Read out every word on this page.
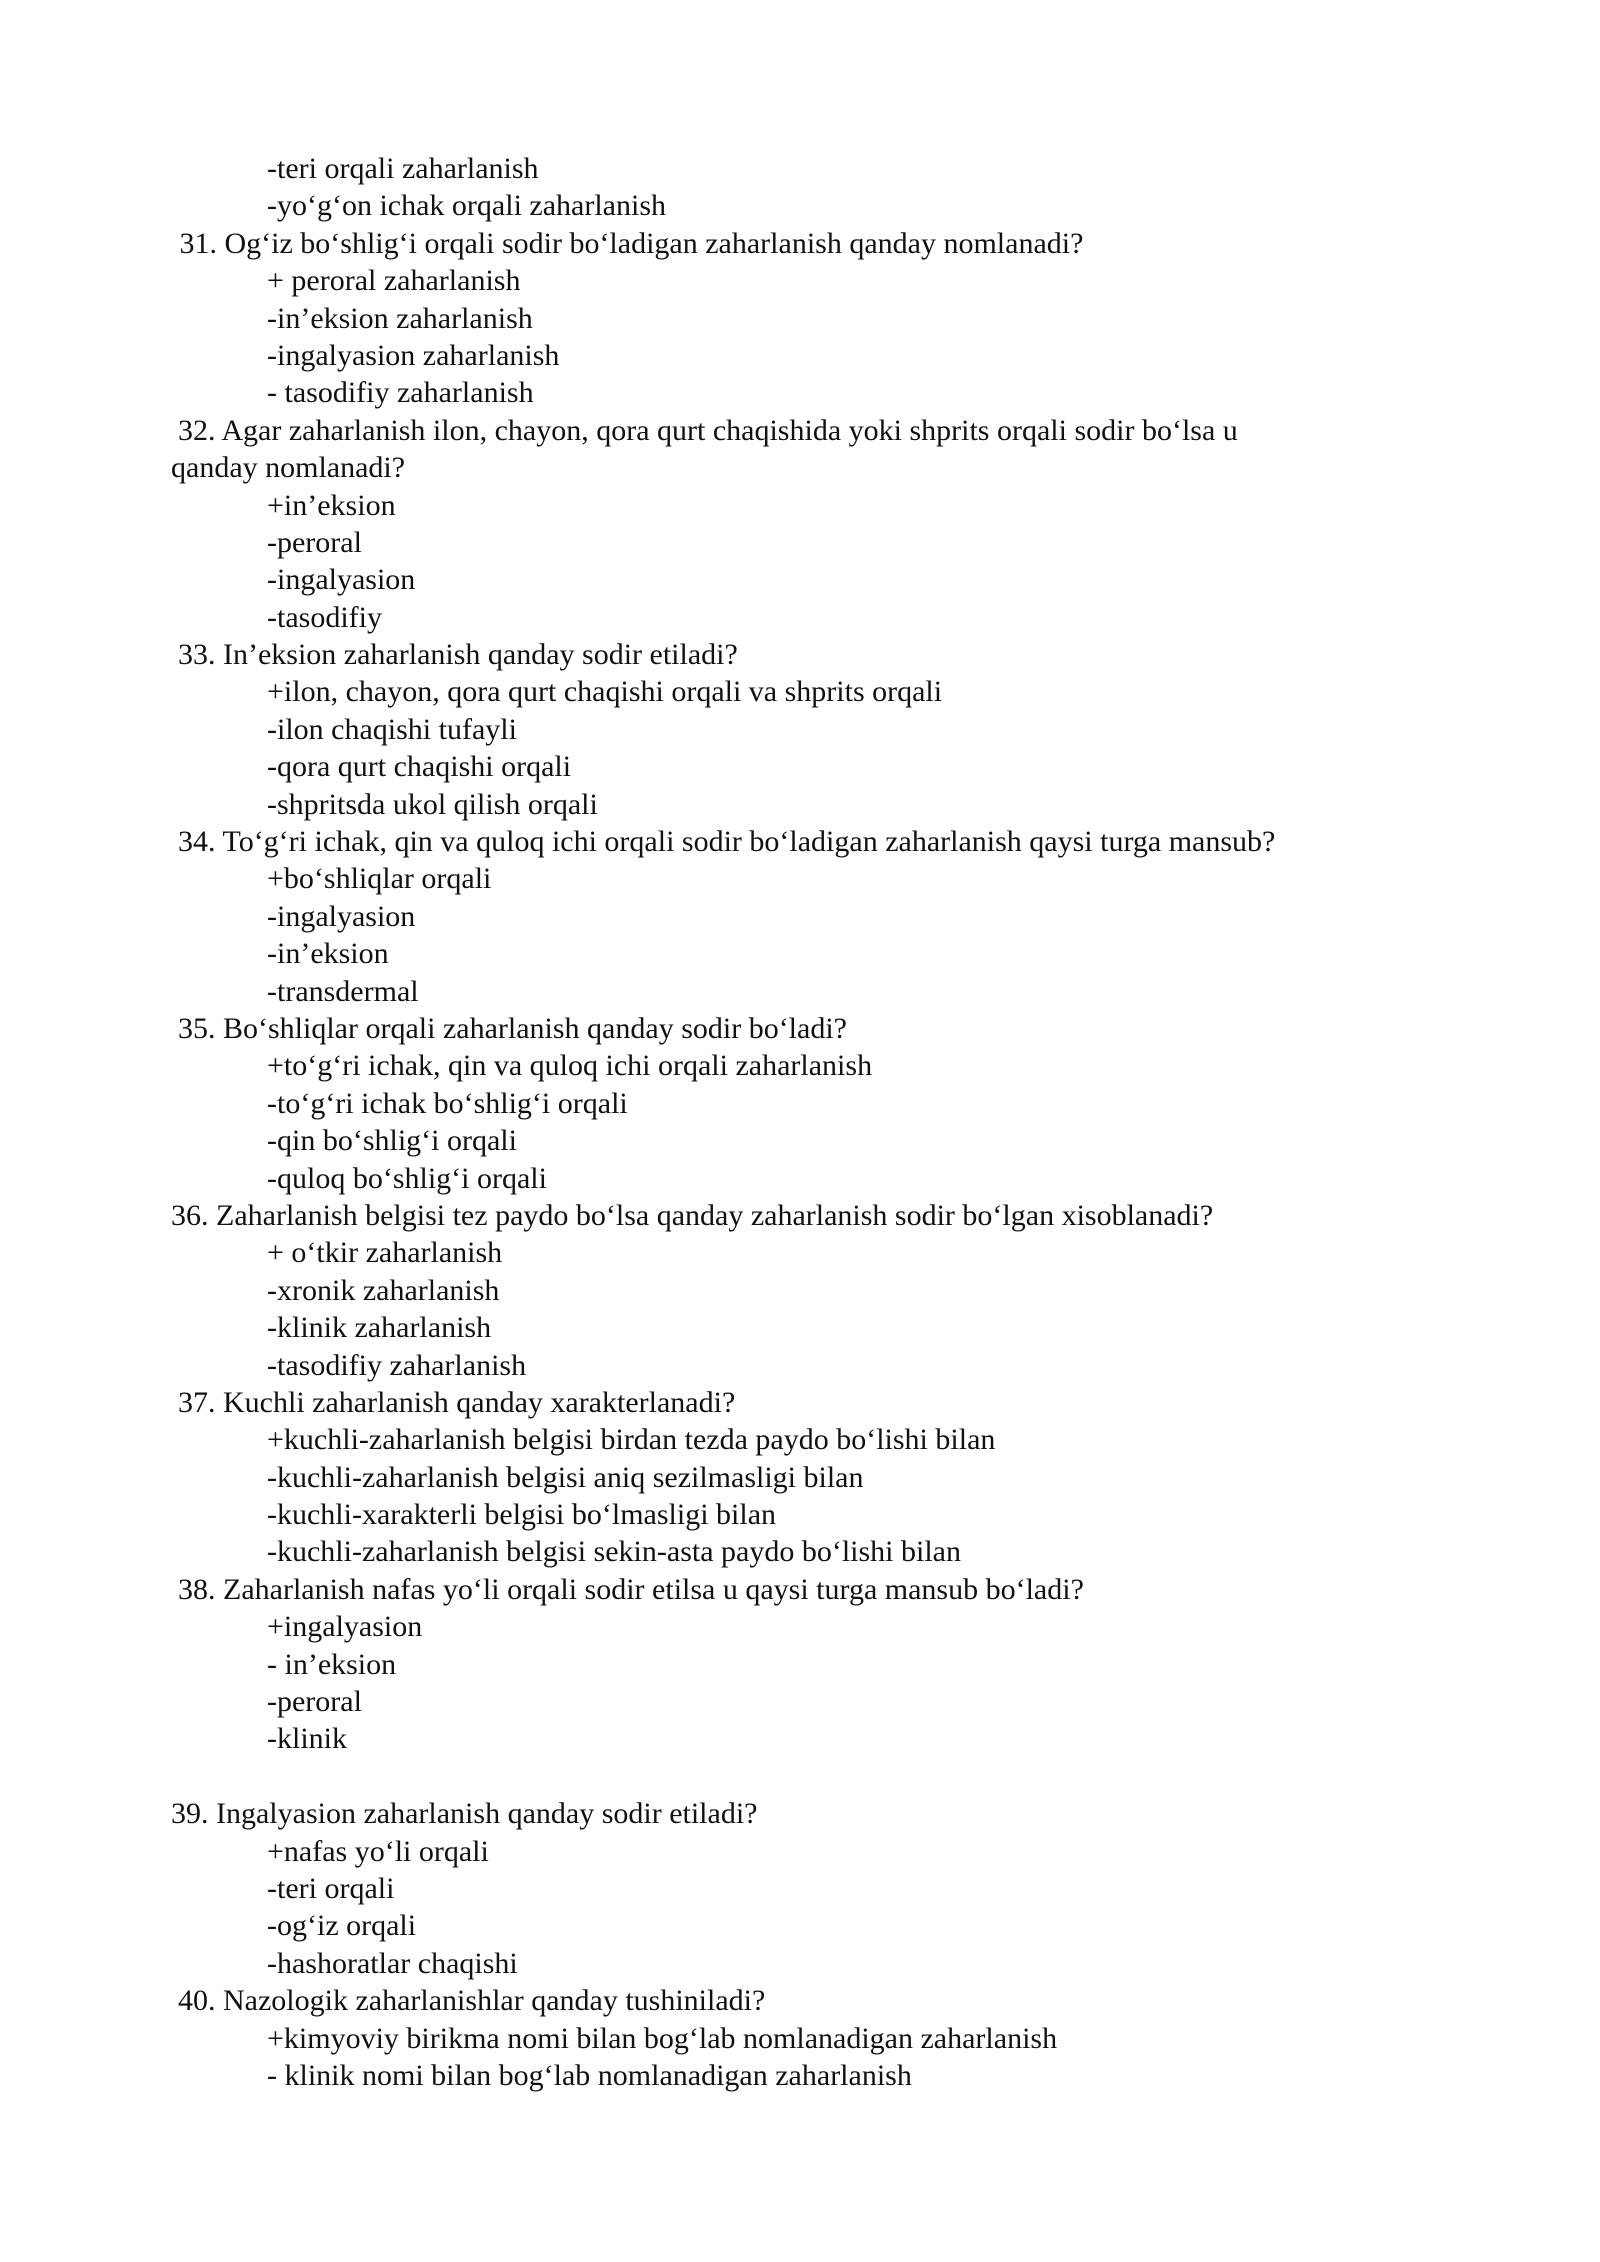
-teri orqali zaharlanish
-yo‘g‘on ichak orqali zaharlanish
31. Og‘iz bo‘shlig‘i orqali sodir bo‘ladigan zaharlanish qanday nomlanadi?
+ peroral zaharlanish
-in’eksion zaharlanish
-ingalyasion zaharlanish
- tasodifiy zaharlanish
32. Agar zaharlanish ilon, chayon, qora qurt chaqishida yoki shprits orqali sodir bo‘lsa u
qanday nomlanadi?
+in’eksion
-peroral
-ingalyasion
-tasodifiy
33. In’eksion zaharlanish qanday sodir etiladi?
+ilon, chayon, qora qurt chaqishi orqali va shprits orqali
-ilon chaqishi tufayli
-qora qurt chaqishi orqali
-shpritsda ukol qilish orqali
34. To‘g‘ri ichak, qin va quloq ichi orqali sodir bo‘ladigan zaharlanish qaysi turga mansub?
+bo‘shliqlar orqali
-ingalyasion
-in’eksion
-transdermal
35. Bo‘shliqlar orqali zaharlanish qanday sodir bo‘ladi?
+to‘g‘ri ichak, qin va quloq ichi orqali zaharlanish
-to‘g‘ri ichak bo‘shlig‘i orqali
-qin bo‘shlig‘i orqali
-quloq bo‘shlig‘i orqali
36. Zaharlanish belgisi tez paydo bo‘lsa qanday zaharlanish sodir bo‘lgan xisoblanadi?
+ o‘tkir zaharlanish
-xronik zaharlanish
-klinik zaharlanish
-tasodifiy zaharlanish
37. Kuchli zaharlanish qanday xarakterlanadi?
+kuchli-zaharlanish belgisi birdan tezda paydo bo‘lishi bilan
-kuchli-zaharlanish belgisi aniq sezilmasligi bilan
-kuchli-xarakterli belgisi bo‘lmasligi bilan
-kuchli-zaharlanish belgisi sekin-asta paydo bo‘lishi bilan
38. Zaharlanish nafas yo‘li orqali sodir etilsa u qaysi turga mansub bo‘ladi?
+ingalyasion
- in’eksion
-peroral
-klinik
39. Ingalyasion zaharlanish qanday sodir etiladi?
+nafas yo‘li orqali
-teri orqali
-og‘iz orqali
-hashoratlar chaqishi
40. Nazologik zaharlanishlar qanday tushiniladi?
+kimyoviy birikma nomi bilan bog‘lab nomlanadigan zaharlanish
- klinik nomi bilan bog‘lab nomlanadigan zaharlanish
